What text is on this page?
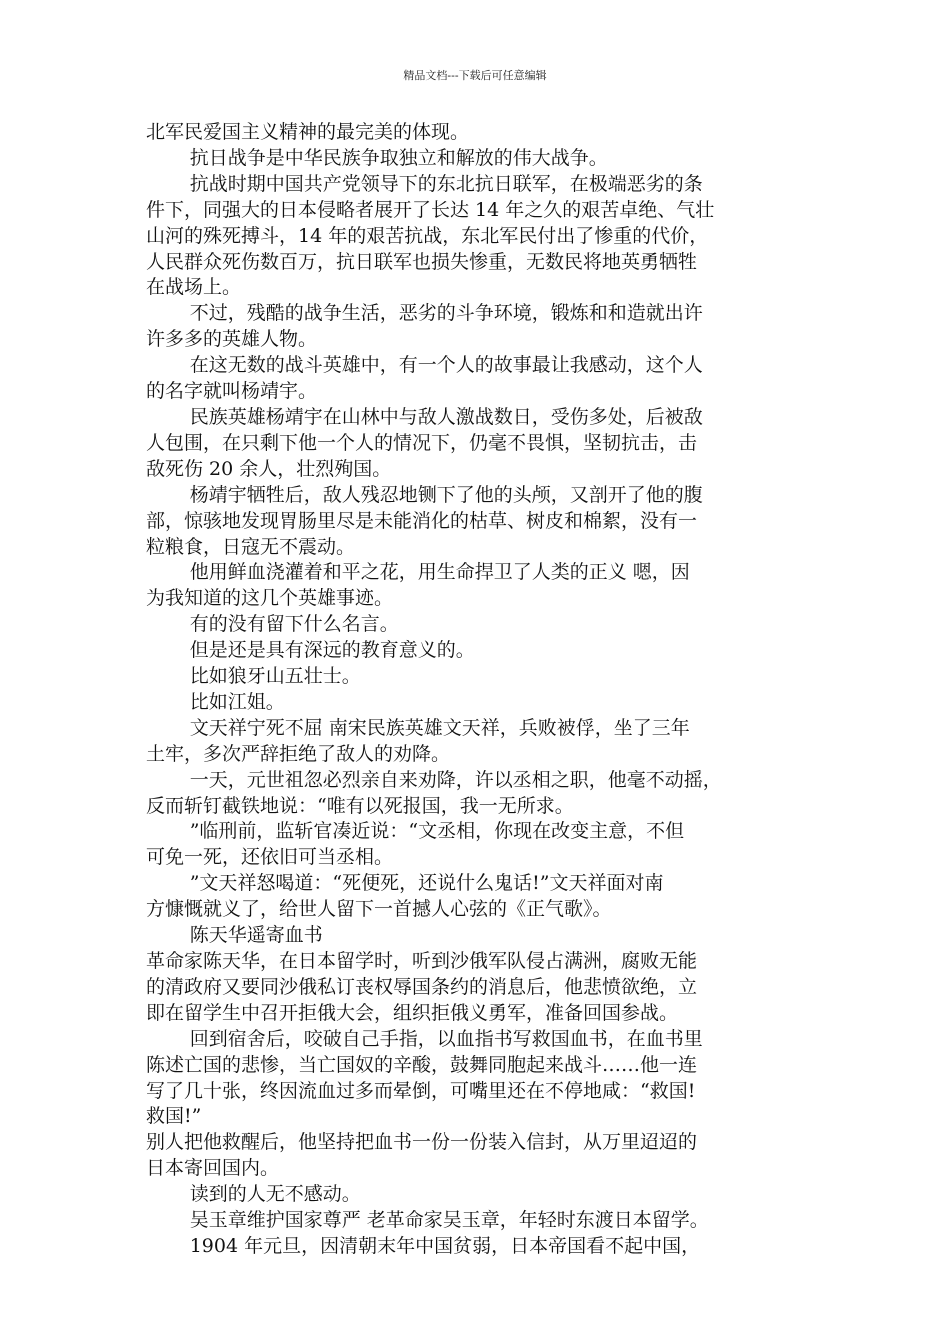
精品文档---下载后可任意编辑

北军民爱国主义精神的最完美的体现。

抗日战争是中华民族争取独立和解放的伟大战争。

抗战时期中国共产党领导下的东北抗日联军，在极端恶劣的条

件下，同强大的日本侵略者展开了长达 14 年之久的艰苦卓绝、气壮

山河的殊死搏斗，14 年的艰苦抗战，东北军民付出了惨重的代价，

人民群众死伤数百万，抗日联军也损失惨重，无数民将地英勇牺牲

在战场上。

不过，残酷的战争生活，恶劣的斗争环境，锻炼和和造就出许

许多多的英雄人物。

在这无数的战斗英雄中，有一个人的故事最让我感动，这个人

的名字就叫杨靖宇。

民族英雄杨靖宇在山林中与敌人激战数日，受伤多处，后被敌

人包围，在只剩下他一个人的情况下，仍毫不畏惧，坚韧抗击，击

敌死伤 20 余人，壮烈殉国。

杨靖宇牺牲后，敌人残忍地铡下了他的头颅，又剖开了他的腹

部，惊骇地发现胃肠里尽是未能消化的枯草、树皮和棉絮，没有一

粒粮食，日寇无不震动。

他用鲜血浇灌着和平之花，用生命捍卫了人类的正义 嗯，因

为我知道的这几个英雄事迹。

有的没有留下什么名言。

但是还是具有深远的教育意义的。

比如狼牙山五壮士。

比如江姐。

文天祥宁死不屈 南宋民族英雄文天祥，兵败被俘，坐了三年

土牢，多次严辞拒绝了敌人的劝降。

一天，元世祖忽必烈亲自来劝降，许以丞相之职，他毫不动摇，

反而斩钉截铁地说：“唯有以死报国，我一无所求。

”临刑前，监斩官凑近说：“文丞相，你现在改变主意，不但

可免一死，还依旧可当丞相。

”文天祥怒喝道：“死便死，还说什么鬼话!”文天祥面对南

方慷慨就义了，给世人留下一首撼人心弦的《正气歌》。

陈天华遥寄血书

革命家陈天华，在日本留学时，听到沙俄军队侵占满洲，腐败无能

的清政府又要同沙俄私订丧权辱国条约的消息后，他悲愤欲绝，立

即在留学生中召开拒俄大会，组织拒俄义勇军，准备回国参战。

回到宿舍后，咬破自己手指，以血指书写救国血书，在血书里

陈述亡国的悲惨，当亡国奴的辛酸，鼓舞同胞起来战斗……他一连

写了几十张，终因流血过多而晕倒，可嘴里还在不停地咸：“救国!

救国!”

别人把他救醒后，他坚持把血书一份一份装入信封，从万里迢迢的

日本寄回国内。

读到的人无不感动。

吴玉章维护国家尊严 老革命家吴玉章，年轻时东渡日本留学。

1904 年元旦，因清朝末年中国贫弱，日本帝国看不起中国，
